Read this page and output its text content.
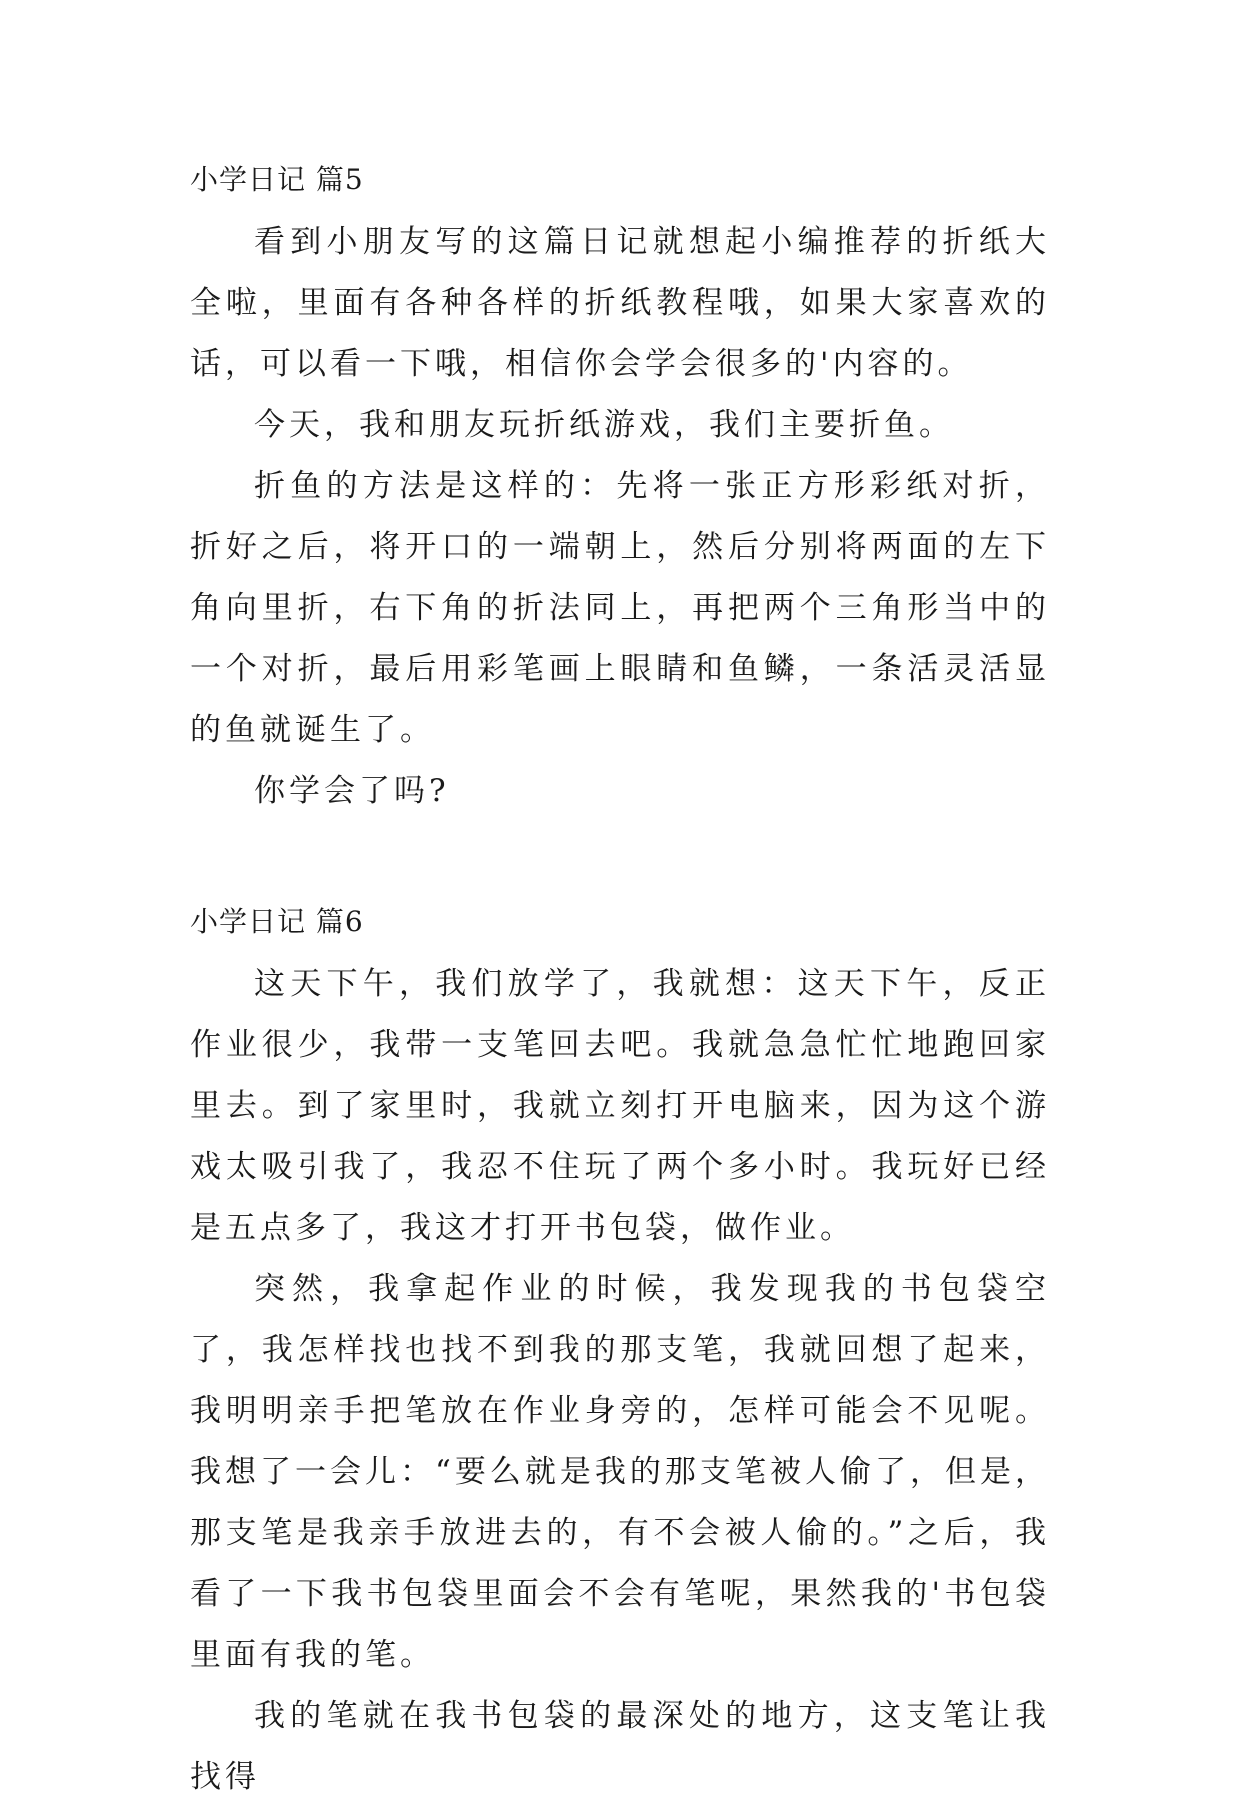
小学日记 篇5

看到小朋友写的这篇日记就想起小编推荐的折纸大全啦，里面有各种各样的折纸教程哦，如果大家喜欢的话，可以看一下哦，相信你会学会很多的'内容的。

今天，我和朋友玩折纸游戏，我们主要折鱼。

折鱼的方法是这样的：先将一张正方形彩纸对折，折好之后，将开口的一端朝上，然后分别将两面的左下角向里折，右下角的折法同上，再把两个三角形当中的一个对折，最后用彩笔画上眼睛和鱼鳞，一条活灵活显的鱼就诞生了。

你学会了吗?

小学日记 篇6

这天下午，我们放学了，我就想：这天下午，反正作业很少，我带一支笔回去吧。我就急急忙忙地跑回家里去。到了家里时，我就立刻打开电脑来，因为这个游戏太吸引我了，我忍不住玩了两个多小时。我玩好已经是五点多了，我这才打开书包袋，做作业。

突然，我拿起作业的时候，我发现我的书包袋空了，我怎样找也找不到我的那支笔，我就回想了起来，我明明亲手把笔放在作业身旁的，怎样可能会不见呢。我想了一会儿：“要么就是我的那支笔被人偷了，但是，那支笔是我亲手放进去的，有不会被人偷的。”之后，我看了一下我书包袋里面会不会有笔呢，果然我的'书包袋里面有我的笔。

我的笔就在我书包袋的最深处的地方，这支笔让我找得
